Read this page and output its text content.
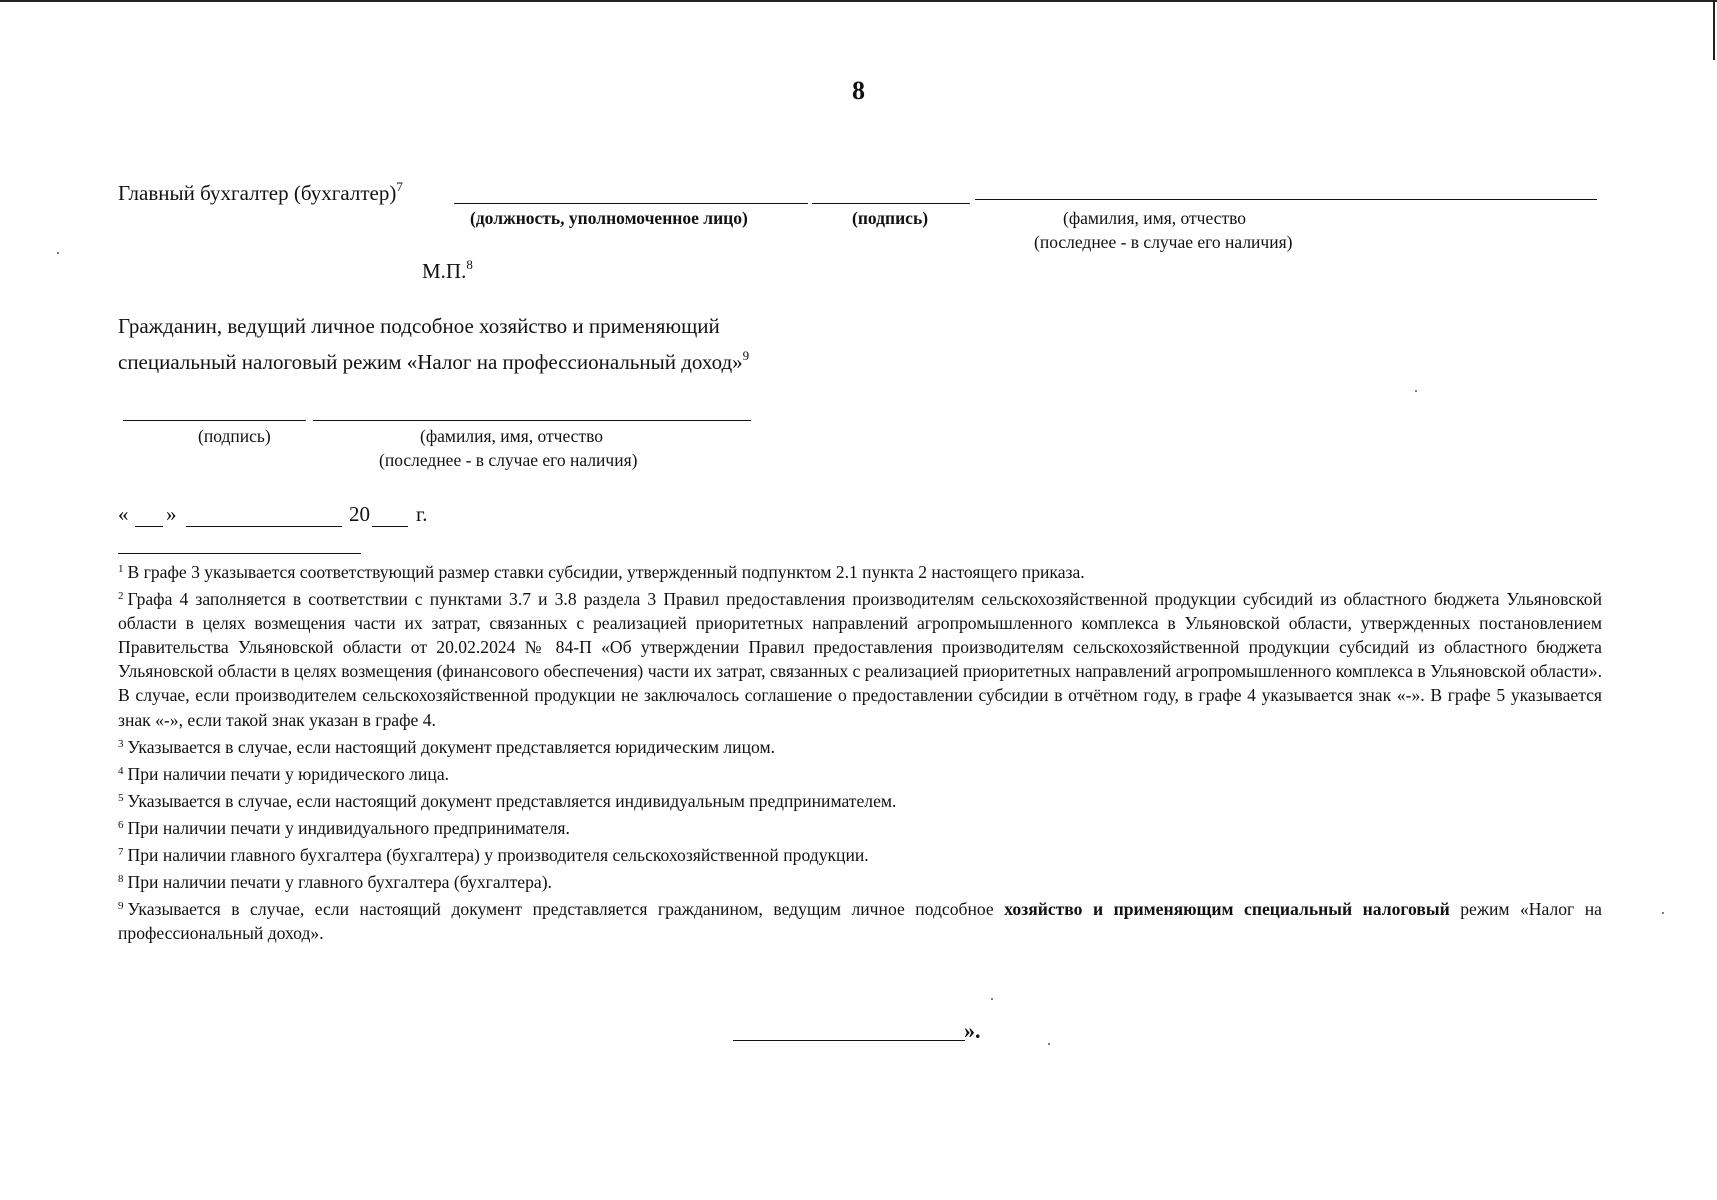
8
Главный бухгалтер (бухгалтер)$^7$
(должность, уполномоченное лицо)	(подпись)	(фамилия, имя, отчество
(последнее - в случае его наличия)
М.П.$^8$
Гражданин, ведущий личное подсобное хозяйство и применяющий
специальный налоговый режим «Налог на профессиональный доход»$^9$
(подпись)	(фамилия, имя, отчество
(последнее - в случае его наличия)
« »	20 г.

$^1$ В графе 3 указывается соответствующий размер ставки субсидии, утвержденный подпунктом 2.1 пункта 2 настоящего приказа.

$^2$ Графа 4 заполняется в соответствии с пунктами 3.7 и 3.8 раздела 3 Правил предоставления производителям сельскохозяйственной продукции субсидий из областного бюджета Ульяновской области в целях возмещения части их затрат, связанных с реализацией приоритетных направлений агропромышленного комплекса в Ульяновской области, утвержденных постановлением Правительства Ульяновской области от 20.02.2024 № 84-П «Об утверждении Правил предоставления производителям сельскохозяйственной продукции субсидий из областного бюджета Ульяновской области в целях возмещения (финансового обеспечения) части их затрат, связанных с реализацией приоритетных направлений агропромышленного комплекса в Ульяновской области». В случае, если производителем сельскохозяйственной продукции не заключалось соглашение о предоставлении субсидии в отчётном году, в графе 4 указывается знак «-». В графе 5 указывается знак «-», если такой знак указан в графе 4.

$^3$ Указывается в случае, если настоящий документ представляется юридическим лицом.

$^4$ При наличии печати у юридического лица.

$^5$ Указывается в случае, если настоящий документ представляется индивидуальным предпринимателем.

$^6$ При наличии печати у индивидуального предпринимателя.

$^7$ При наличии главного бухгалтера (бухгалтера) у производителя сельскохозяйственной продукции.

$^8$ При наличии печати у главного бухгалтера (бухгалтера).

$^9$ Указывается в случае, если настоящий документ представляется гражданином, ведущим личное подсобное хозяйство и применяющим специальный налоговый режим «Налог на профессиональный доход».

».
